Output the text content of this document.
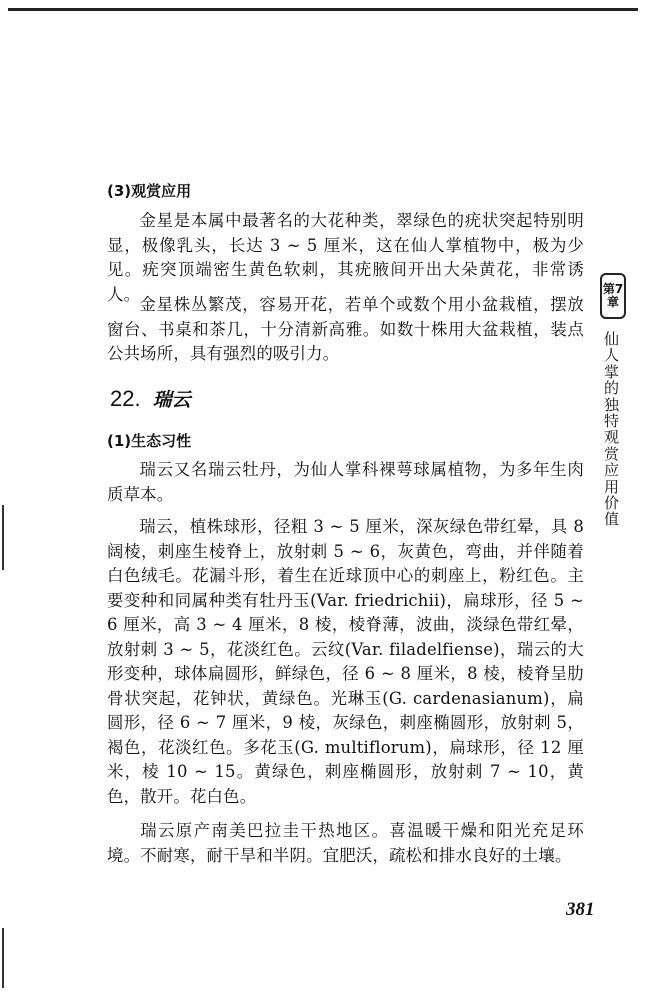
(3)观赏应用

金星是本属中最著名的大花种类，翠绿色的疣状突起特别明显，极像乳头，长达 3 ~ 5 厘米，这在仙人掌植物中，极为少见。疣突顶端密生黄色软刺，其疣腋间开出大朵黄花，非常诱人。

金星株丛繁茂，容易开花，若单个或数个用小盆栽植，摆放窗台、书桌和茶几，十分清新高雅。如数十株用大盆栽植，装点公共场所，具有强烈的吸引力。

22. 瑞云
(1)生态习性

瑞云又名瑞云牡丹，为仙人掌科裸萼球属植物，为多年生肉质草本。

瑞云，植株球形，径粗 3 ~ 5 厘米，深灰绿色带红晕，具 8 阔棱，刺座生棱脊上，放射刺 5 ~ 6，灰黄色，弯曲，并伴随着白色绒毛。花漏斗形，着生在近球顶中心的刺座上，粉红色。主要变种和同属种类有牡丹玉(Var. friedrichii)，扁球形，径 5 ~ 6 厘米，高 3 ~ 4 厘米，8 棱，棱脊薄，波曲，淡绿色带红晕，放射刺 3 ~ 5，花淡红色。云纹(Var. filadelfiense)，瑞云的大形变种，球体扁圆形，鲜绿色，径 6 ~ 8 厘米，8 棱，棱脊呈肋骨状突起，花钟状，黄绿色。光琳玉(G. cardenasianum)，扁圆形，径 6 ~ 7 厘米，9 棱，灰绿色，刺座椭圆形，放射刺 5，褐色，花淡红色。多花玉(G. multiflorum)，扁球形，径 12 厘米，棱 10 ~ 15。黄绿色，刺座椭圆形，放射刺 7 ~ 10，黄色，散开。花白色。

瑞云原产南美巴拉圭干热地区。喜温暖干燥和阳光充足环境。不耐寒，耐干旱和半阴。宜肥沃，疏松和排水良好的土壤。

第7
章
仙人掌的独特观赏应用价值
381
